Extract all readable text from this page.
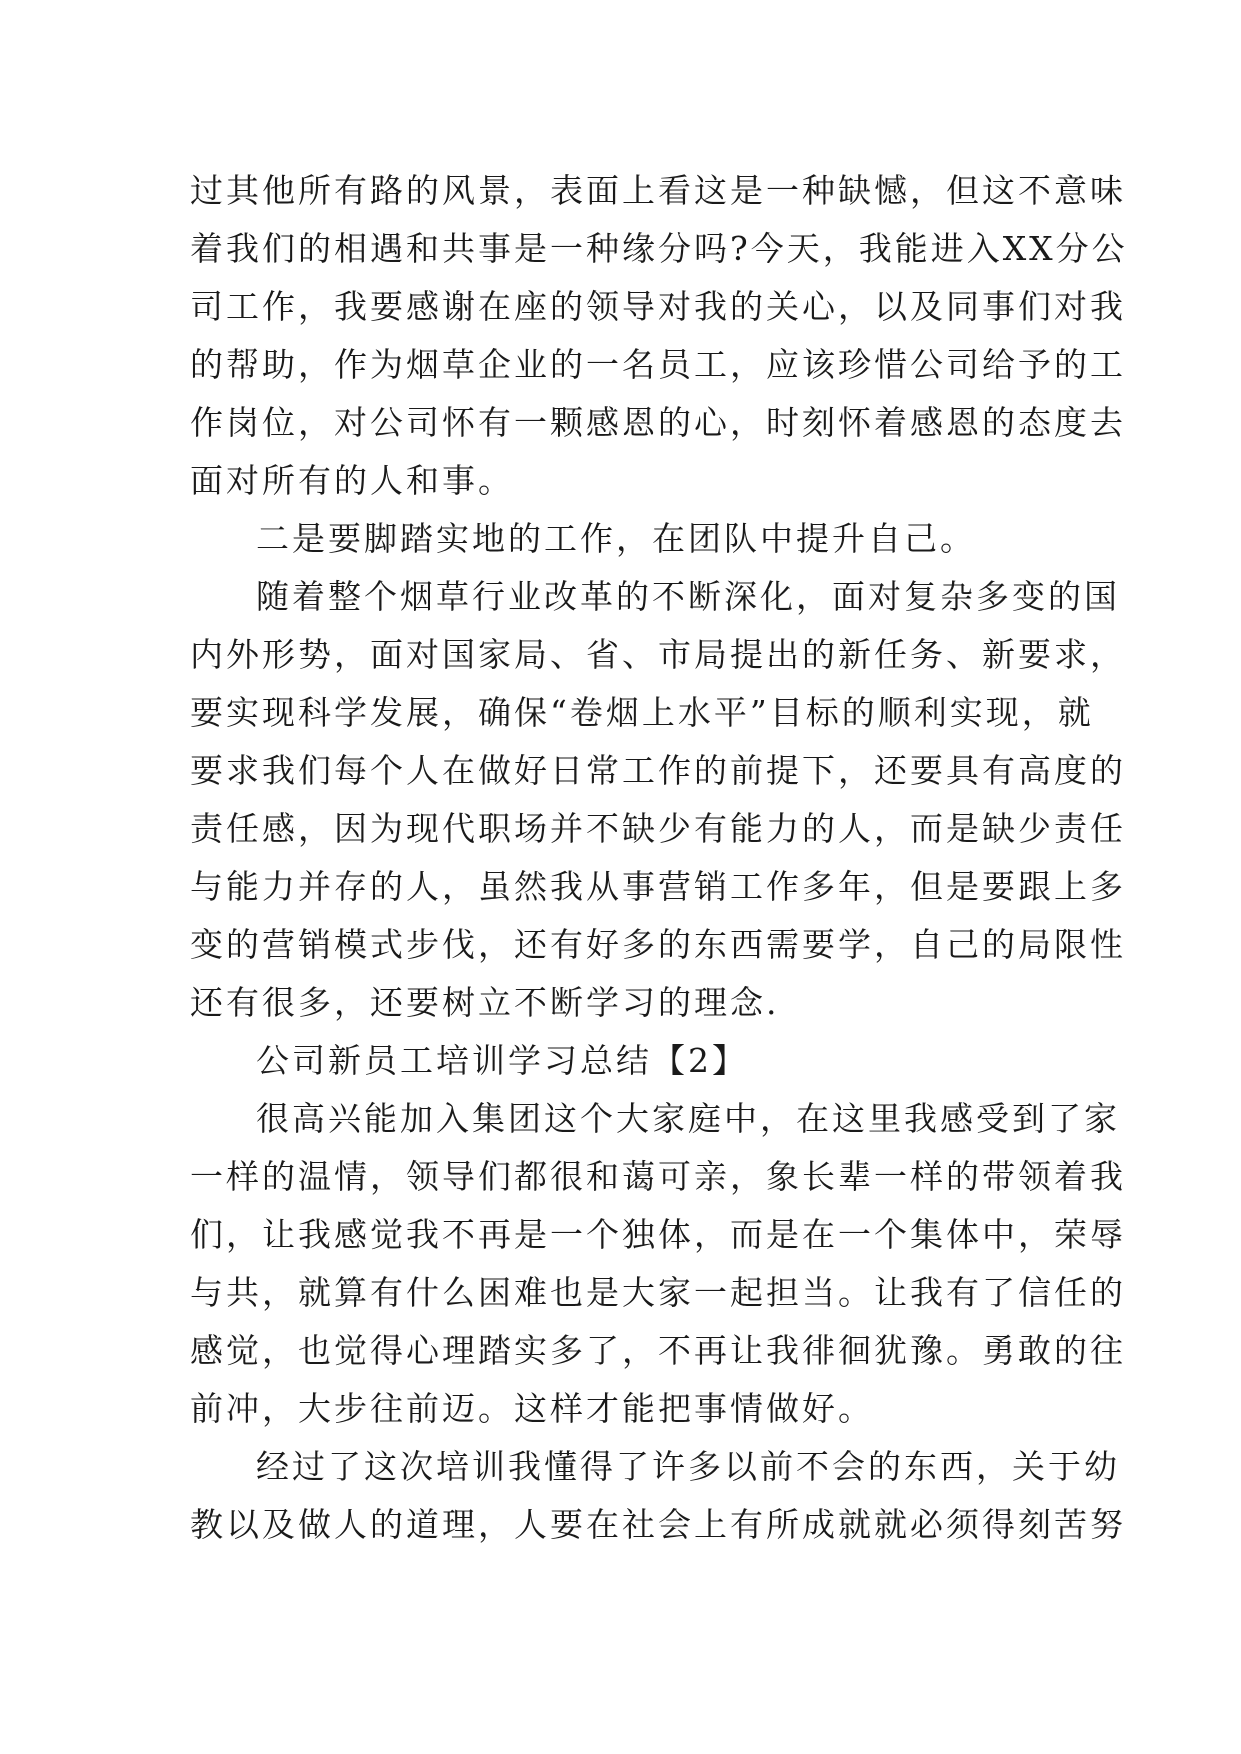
过其他所有路的风景，表面上看这是一种缺憾，但这不意味
着我们的相遇和共事是一种缘分吗?今天，我能进入XX分公
司工作，我要感谢在座的领导对我的关心，以及同事们对我
的帮助，作为烟草企业的一名员工，应该珍惜公司给予的工
作岗位，对公司怀有一颗感恩的心，时刻怀着感恩的态度去
面对所有的人和事。
二是要脚踏实地的工作，在团队中提升自己。
随着整个烟草行业改革的不断深化，面对复杂多变的国
内外形势，面对国家局、省、市局提出的新任务、新要求，
要实现科学发展，确保“卷烟上水平”目标的顺利实现，就
要求我们每个人在做好日常工作的前提下，还要具有高度的
责任感，因为现代职场并不缺少有能力的人，而是缺少责任
与能力并存的人，虽然我从事营销工作多年，但是要跟上多
变的营销模式步伐，还有好多的东西需要学，自己的局限性
还有很多，还要树立不断学习的理念.
公司新员工培训学习总结【2】
很高兴能加入集团这个大家庭中，在这里我感受到了家
一样的温情，领导们都很和蔼可亲，象长辈一样的带领着我
们，让我感觉我不再是一个独体，而是在一个集体中，荣辱
与共，就算有什么困难也是大家一起担当。让我有了信任的
感觉，也觉得心理踏实多了，不再让我徘徊犹豫。勇敢的往
前冲，大步往前迈。这样才能把事情做好。
经过了这次培训我懂得了许多以前不会的东西，关于幼
教以及做人的道理，人要在社会上有所成就就必须得刻苦努
